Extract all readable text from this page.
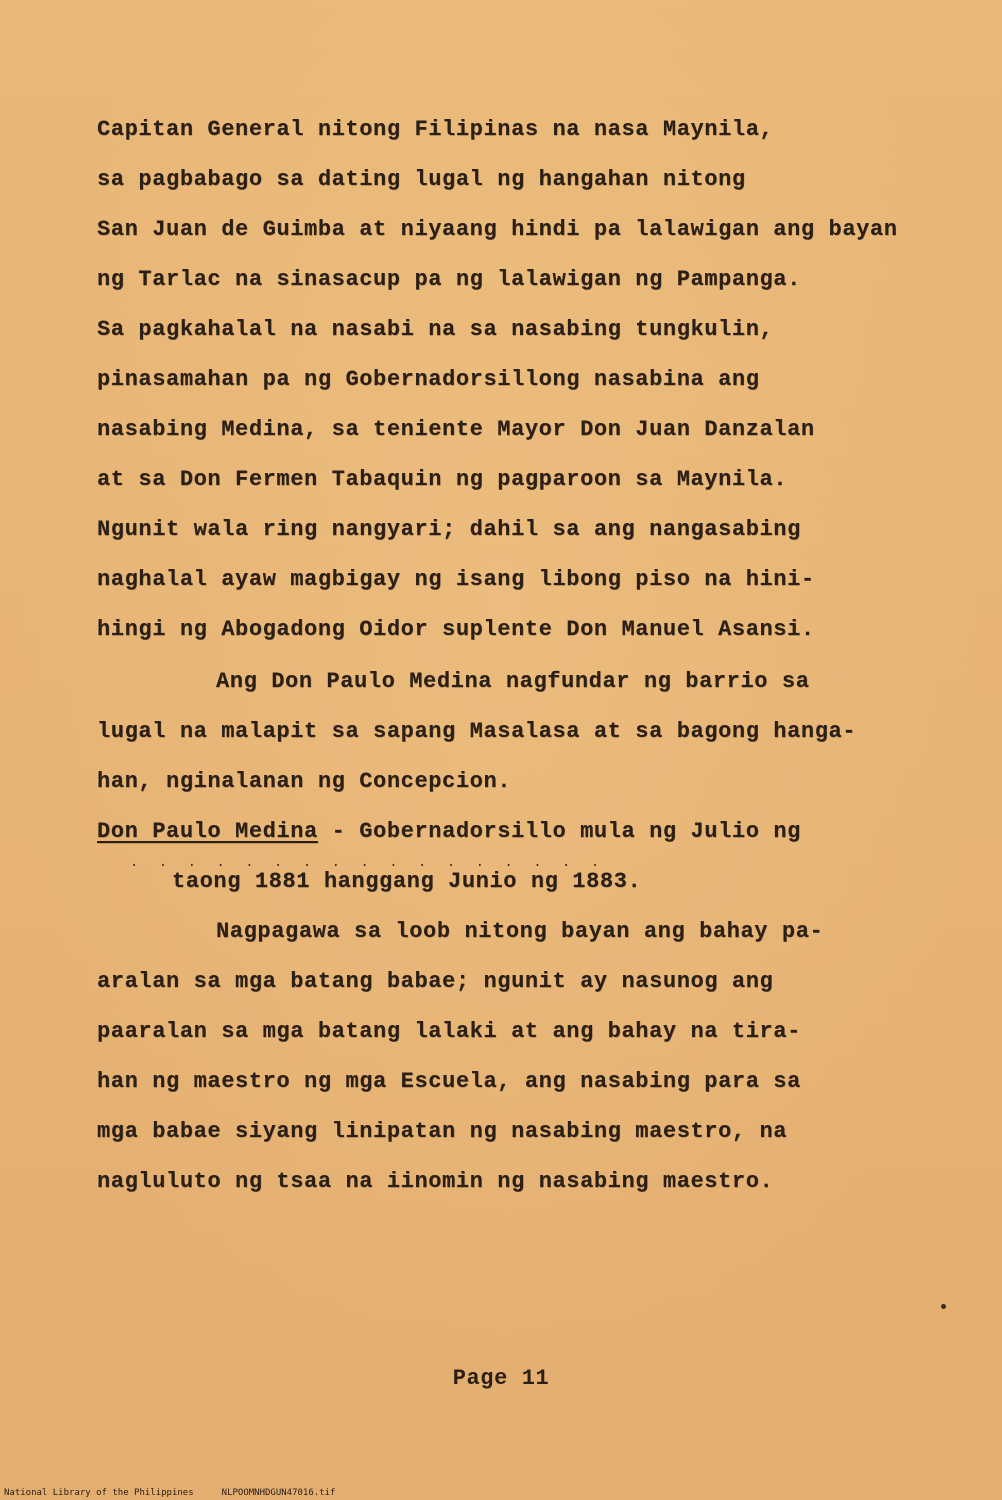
Capitan General nitong Filipinas na nasa Maynila,
sa pagbabago sa dating lugal ng hangahan nitong
San Juan de Guimba at niyaang hindi pa lalawigan ang bayan
ng Tarlac na sinasacup pa ng lalawigan ng Pampanga.
Sa pagkahalal na nasabi na sa nasabing tungkulin,
pinasamahan pa ng Gobernadorsillong nasabina ang
nasabing Medina, sa teniente Mayor Don Juan Danzalan
at sa Don Fermen Tabaquin ng pagparoon sa Maynila.
Ngunit wala ring nangyari; dahil sa ang nangasabing
naghalal ayaw magbigay ng isang libong piso na hini-
hingi ng Abogadong Oidor suplente Don Manuel Asansi.
Ang Don Paulo Medina nagfundar ng barrio sa
lugal na malapit sa sapang Masalasa at sa bagong hanga-
han, nginalanan ng Concepcion.
Don Paulo Medina - Gobernadorsillo mula ng Julio ng
. . . . . . . . . . . . . . . . .
taong 1881 hanggang Junio ng 1883.
Nagpagawa sa loob nitong bayan ang bahay pa-
aralan sa mga batang babae; ngunit ay nasunog ang
paaralan sa mga batang lalaki at ang bahay na tira-
han ng maestro ng mga Escuela, ang nasabing para sa
mga babae siyang linipatan ng nasabing maestro, na
nagluluto ng tsaa na iinomin ng nasabing maestro.
Page 11
National Library of the Philippines	NLPOOMNHDGUN47016.tif
